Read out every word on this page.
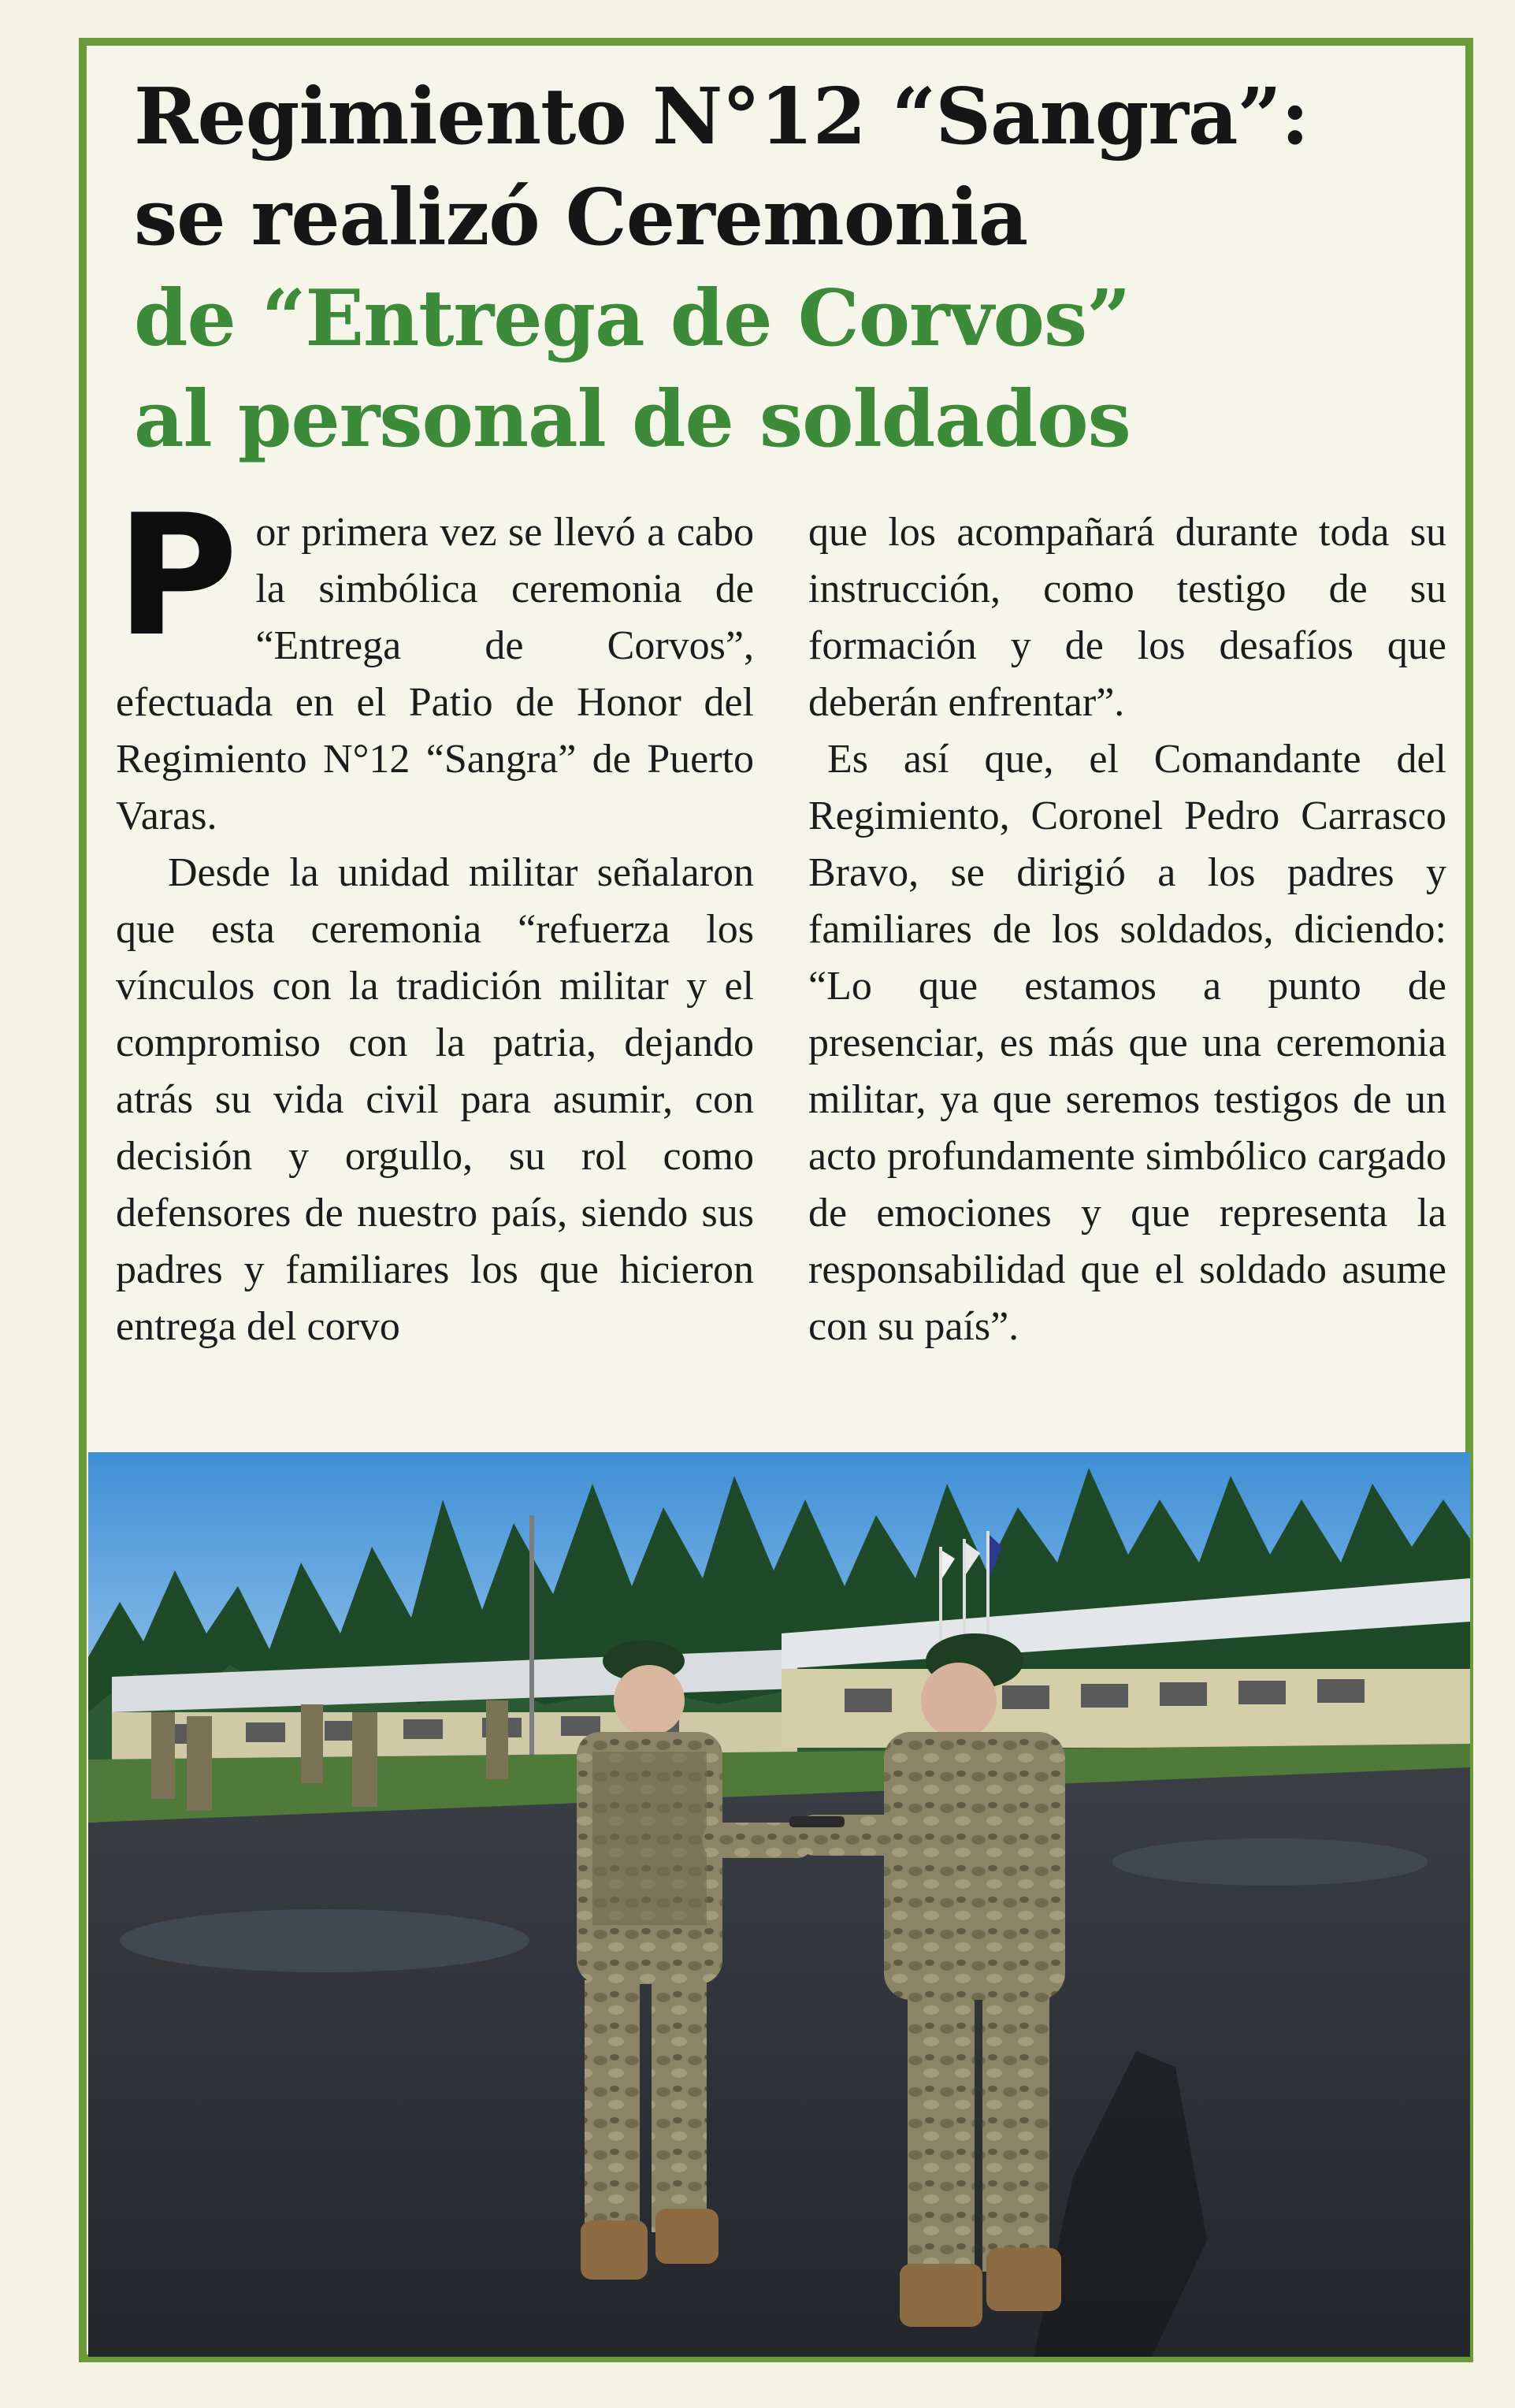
Regimiento N°12 “Sangra”:
se realizó Ceremonia
de “Entrega de Corvos”
al personal de soldados
P or primera vez se llevó a cabo la simbólica ceremonia de “Entrega de Corvos”, efectuada en el Patio de Honor del Regimiento N°12 “Sangra” de Puerto Varas.

Desde la unidad militar señalaron que esta ceremonia “refuerza los vínculos con la tradición militar y el compromiso con la patria, dejando atrás su vida civil para asumir, con decisión y orgullo, su rol como defensores de nuestro país, siendo sus padres y familiares los que hicieron entrega del corvo

que los acompañará durante toda su instrucción, como testigo de su formación y de los desafíos que deberán enfrentar”.

Es así que, el Comandante del Regimiento, Coronel Pedro Carrasco Bravo, se dirigió a los padres y familiares de los soldados, diciendo: “Lo que estamos a punto de presenciar, es más que una ceremonia militar, ya que seremos testigos de un acto profundamente simbólico cargado de emociones y que representa la responsabilidad que el soldado asume con su país”.
